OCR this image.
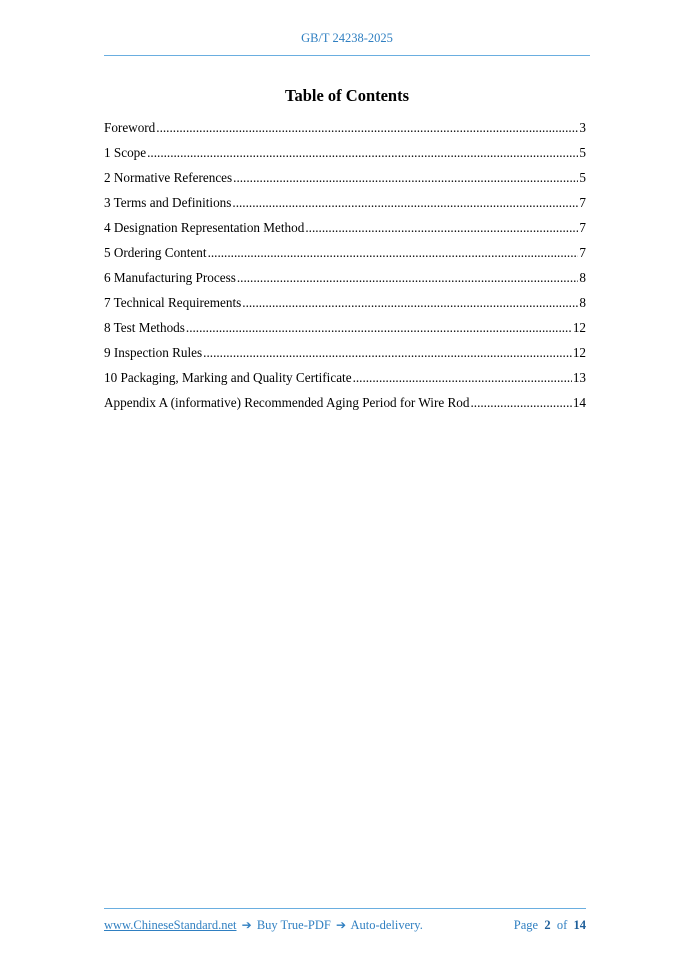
GB/T 24238-2025
Table of Contents
Foreword .....	3
1 Scope .....	5
2 Normative References .....	5
3 Terms and Definitions .....	7
4 Designation Representation Method .....	7
5 Ordering Content .....	7
6 Manufacturing Process .....	8
7 Technical Requirements .....	8
8 Test Methods .....	12
9 Inspection Rules .....	12
10 Packaging, Marking and Quality Certificate .....	13
Appendix A (informative) Recommended Aging Period for Wire Rod .....	14
www.ChineseStandard.net ➔ Buy True-PDF ➔ Auto-delivery.	Page 2 of 14
